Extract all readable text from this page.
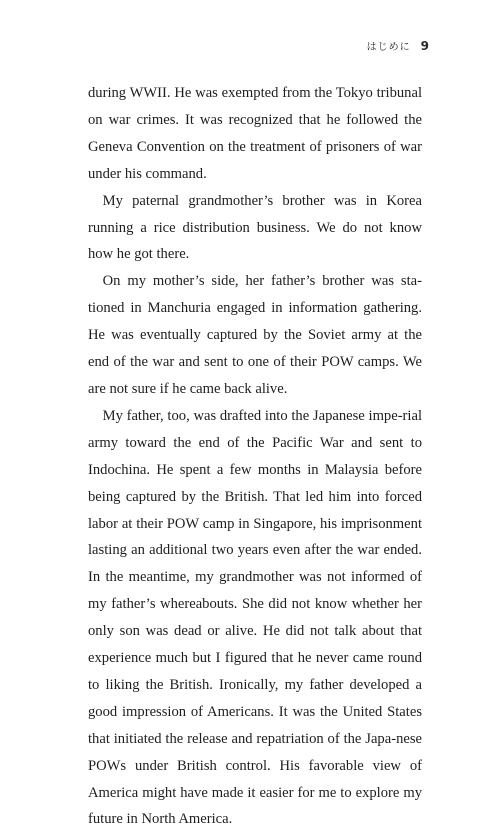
はじめに 9

during WWII. He was exempted from the Tokyo tribunal on war crimes. It was recognized that he followed the Geneva Convention on the treatment of prisoners of war under his command.

My paternal grandmother’s brother was in Korea running a rice distribution business. We do not know how he got there.

On my mother’s side, her father’s brother was sta-tioned in Manchuria engaged in information gathering. He was eventually captured by the Soviet army at the end of the war and sent to one of their POW camps. We are not sure if he came back alive.

My father, too, was drafted into the Japanese impe-rial army toward the end of the Pacific War and sent to Indochina. He spent a few months in Malaysia before being captured by the British. That led him into forced labor at their POW camp in Singapore, his imprisonment lasting an additional two years even after the war ended. In the meantime, my grandmother was not informed of my father’s whereabouts. She did not know whether her only son was dead or alive. He did not talk about that experience much but I figured that he never came round to liking the British. Ironically, my father developed a good impression of Americans. It was the United States that initiated the release and repatriation of the Japa-nese POWs under British control. His favorable view of America might have made it easier for me to explore my future in North America.
